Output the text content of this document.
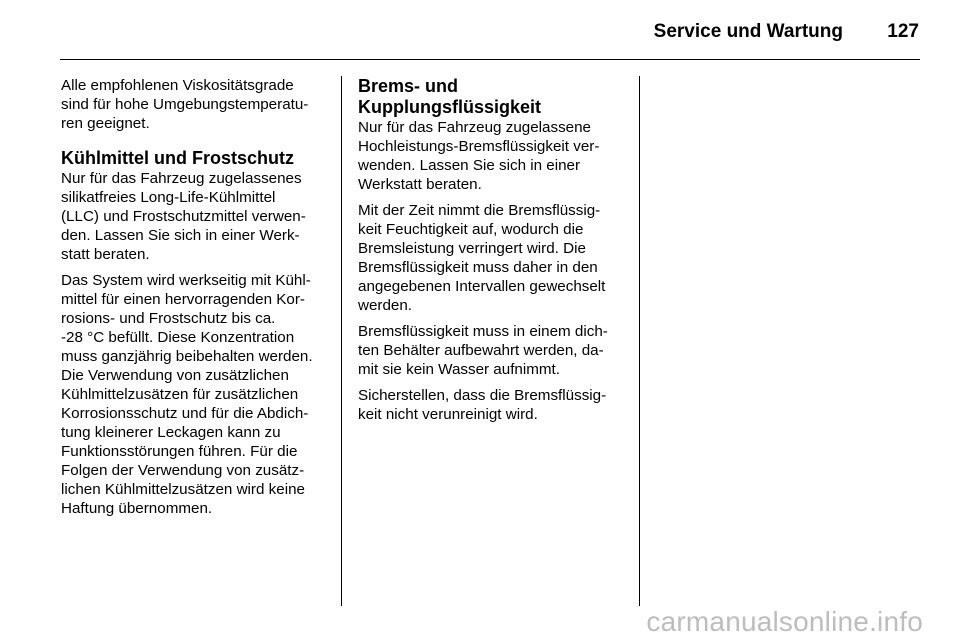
Service und Wartung 127

Alle empfohlenen Viskositätsgrade
sind für hohe Umgebungstemperatu-
ren geeignet.

Kühlmittel und Frostschutz

Nur für das Fahrzeug zugelassenes
silikatfreies Long-Life-Kühlmittel
(LLC) und Frostschutzmittel verwen-
den. Lassen Sie sich in einer Werk-
statt beraten.

Das System wird werkseitig mit Kühl-
mittel für einen hervorragenden Kor-
rosions- und Frostschutz bis ca.
-28 °C befüllt. Diese Konzentration
muss ganzjährig beibehalten werden.
Die Verwendung von zusätzlichen
Kühlmittelzusätzen für zusätzlichen
Korrosionsschutz und für die Abdich-
tung kleinerer Leckagen kann zu
Funktionsstörungen führen. Für die
Folgen der Verwendung von zusätz-
lichen Kühlmittelzusätzen wird keine
Haftung übernommen.

Brems- und
Kupplungsflüssigkeit

Nur für das Fahrzeug zugelassene
Hochleistungs-Bremsflüssigkeit ver-
wenden. Lassen Sie sich in einer
Werkstatt beraten.

Mit der Zeit nimmt die Bremsflüssig-
keit Feuchtigkeit auf, wodurch die
Bremsleistung verringert wird. Die
Bremsflüssigkeit muss daher in den
angegebenen Intervallen gewechselt
werden.

Bremsflüssigkeit muss in einem dich-
ten Behälter aufbewahrt werden, da-
mit sie kein Wasser aufnimmt.

Sicherstellen, dass die Bremsflüssig-
keit nicht verunreinigt wird.

carmanualsonline.info
